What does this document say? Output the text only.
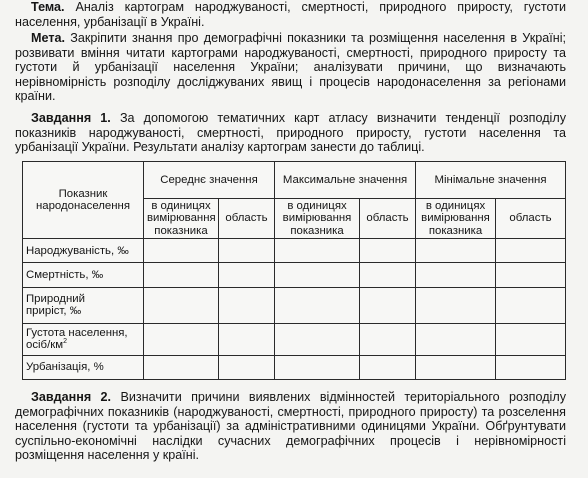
Тема. Аналіз картограм народжуваності, смертності, природного приросту, густоти населення, урбанізації в Україні.
Мета. Закріпити знання про демографічні показники та розміщення населення в Україні; розвивати вміння читати картограми народжуваності, смертності, природного приросту та густоти й урбанізації населення України; аналізувати причини, що визначають нерівномірність розподілу досліджуваних явищ і процесів народонаселення за регіонами країни.
Завдання 1. За допомогою тематичних карт атласу визначити тенденції розподілу показників народжуваності, смертності, природного приросту, густоти населення та урбанізації України. Результати аналізу картограм занести до таблиці.
Показник народонаселення	Середнє значення		Максимальне значення		Мінімальне значення	
	в одиницях вимірювання показника	область	в одиницях вимірювання показника	область	в одиницях вимірювання показника	область
Народжуваність, ‰						
Смертність, ‰						
Природний приріст, ‰						
Густота населення, осіб/$км^2$						
Урбанізація, %						
Завдання 2. Визначити причини виявлених відмінностей територіального розподілу демографічних показників (народжуваності, смертності, природного приросту) та розселення населення (густоти та урбанізації) за адміністративними одиницями України. Обґрунтувати суспільно-економічні наслідки сучасних демографічних процесів і нерівномірності розміщення населення у країні.
